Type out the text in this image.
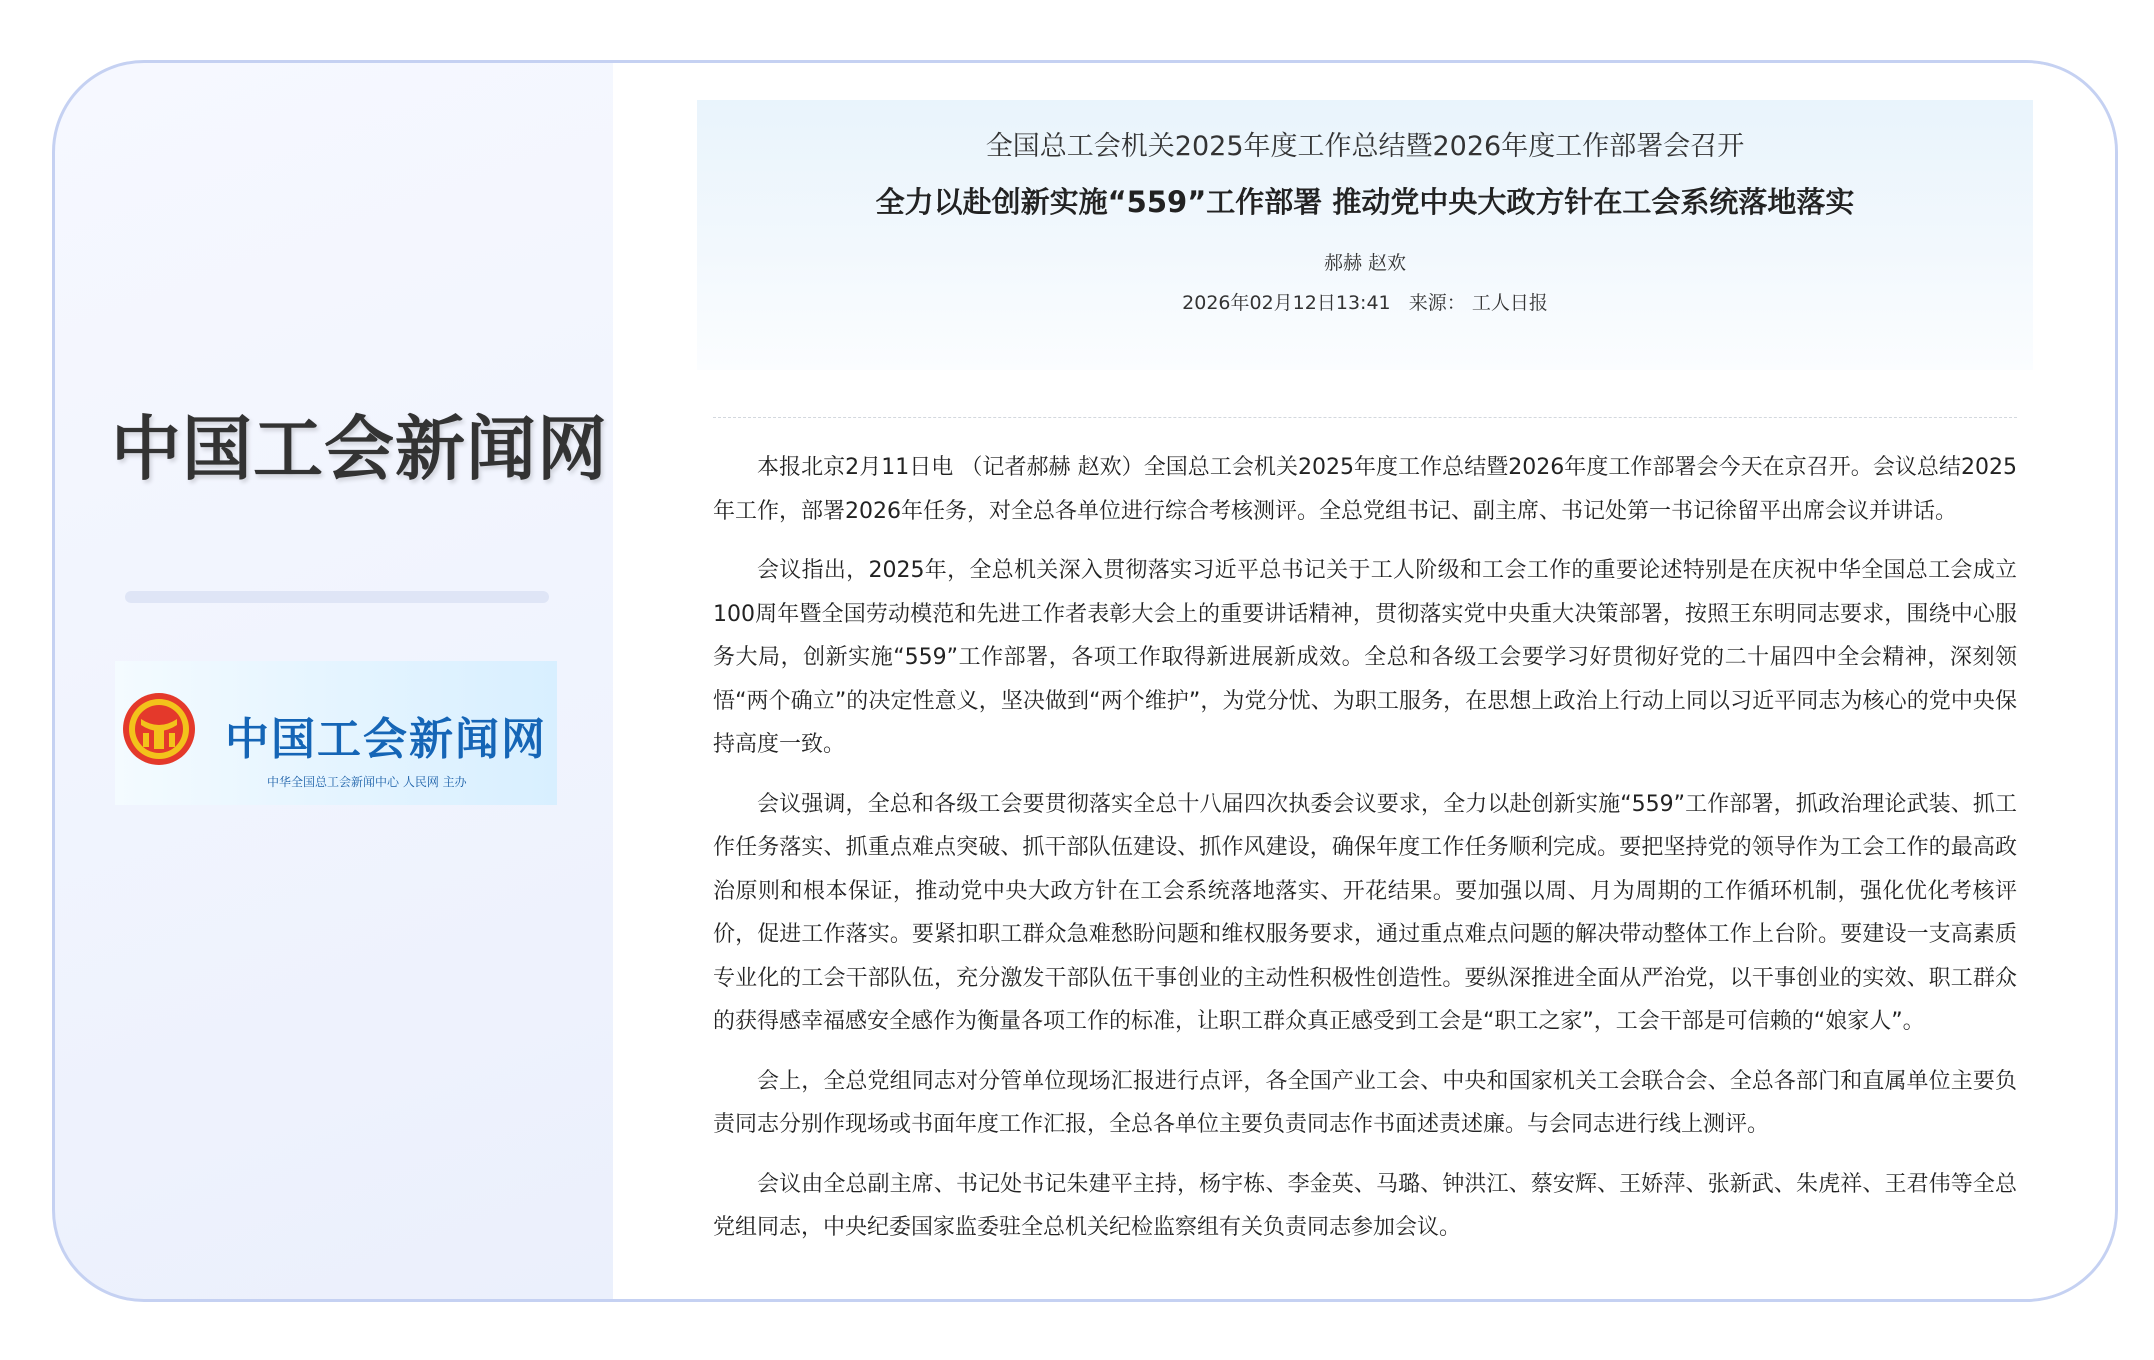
中国工会新闻网
中国工会新闻网
中华全国总工会新闻中心 人民网 主办
全国总工会机关2025年度工作总结暨2026年度工作部署会召开
全力以赴创新实施“559”工作部署 推动党中央大政方针在工会系统落地落实
郝赫 赵欢
2026年02月12日13:41 来源： 工人日报

本报北京2月11日电 （记者郝赫 赵欢）全国总工会机关2025年度工作总结暨2026年度工作部署会今天在京召开。会议总结2025年工作，部署2026年任务，对全总各单位进行综合考核测评。全总党组书记、副主席、书记处第一书记徐留平出席会议并讲话。

会议指出，2025年，全总机关深入贯彻落实习近平总书记关于工人阶级和工会工作的重要论述特别是在庆祝中华全国总工会成立100周年暨全国劳动模范和先进工作者表彰大会上的重要讲话精神，贯彻落实党中央重大决策部署，按照王东明同志要求，围绕中心服务大局，创新实施“559”工作部署，各项工作取得新进展新成效。全总和各级工会要学习好贯彻好党的二十届四中全会精神，深刻领悟“两个确立”的决定性意义，坚决做到“两个维护”，为党分忧、为职工服务，在思想上政治上行动上同以习近平同志为核心的党中央保持高度一致。

会议强调，全总和各级工会要贯彻落实全总十八届四次执委会议要求，全力以赴创新实施“559”工作部署，抓政治理论武装、抓工作任务落实、抓重点难点突破、抓干部队伍建设、抓作风建设，确保年度工作任务顺利完成。要把坚持党的领导作为工会工作的最高政治原则和根本保证，推动党中央大政方针在工会系统落地落实、开花结果。要加强以周、月为周期的工作循环机制，强化优化考核评价，促进工作落实。要紧扣职工群众急难愁盼问题和维权服务要求，通过重点难点问题的解决带动整体工作上台阶。要建设一支高素质专业化的工会干部队伍，充分激发干部队伍干事创业的主动性积极性创造性。要纵深推进全面从严治党，以干事创业的实效、职工群众的获得感幸福感安全感作为衡量各项工作的标准，让职工群众真正感受到工会是“职工之家”，工会干部是可信赖的“娘家人”。

会上，全总党组同志对分管单位现场汇报进行点评，各全国产业工会、中央和国家机关工会联合会、全总各部门和直属单位主要负责同志分别作现场或书面年度工作汇报，全总各单位主要负责同志作书面述责述廉。与会同志进行线上测评。

会议由全总副主席、书记处书记朱建平主持，杨宇栋、李金英、马璐、钟洪江、蔡安辉、王娇萍、张新武、朱虎祥、王君伟等全总党组同志，中央纪委国家监委驻全总机关纪检监察组有关负责同志参加会议。
